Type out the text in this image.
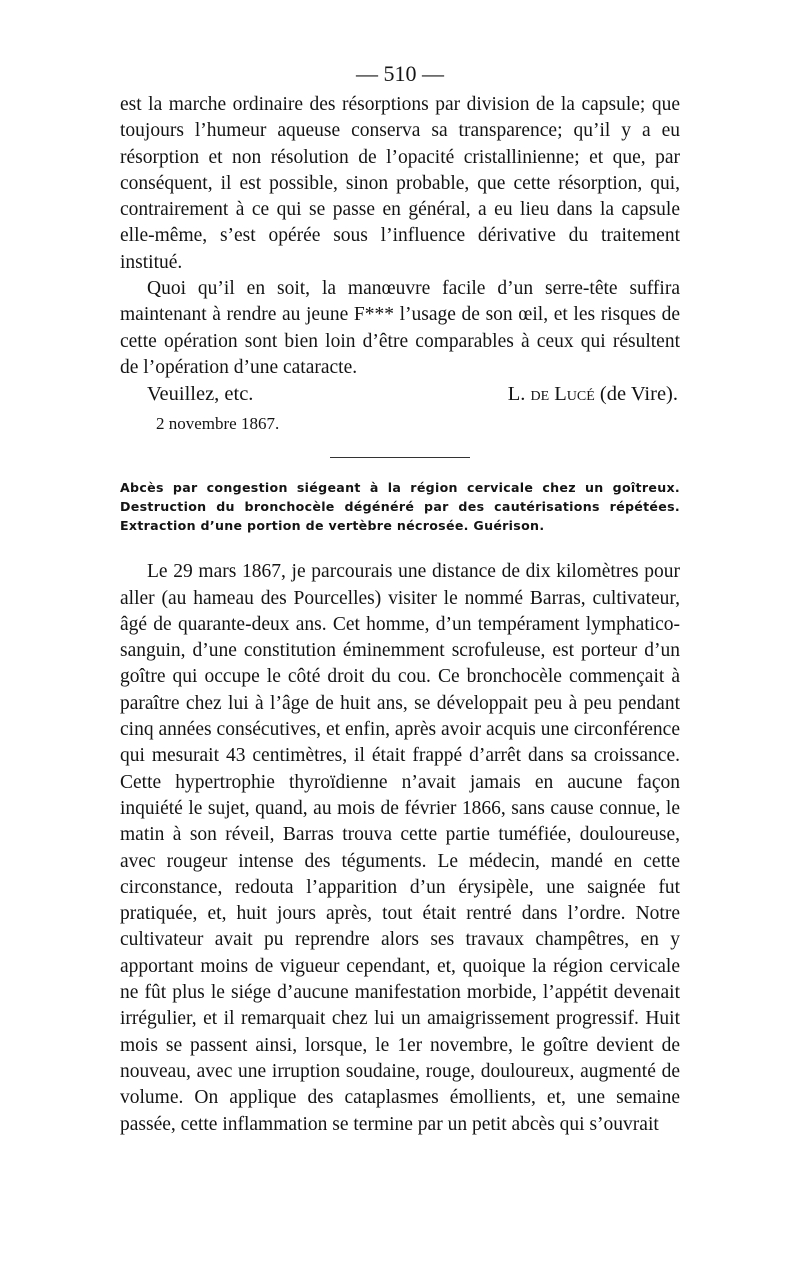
— 510 —

est la marche ordinaire des résorptions par division de la capsule; que toujours l’humeur aqueuse conserva sa transparence; qu’il y a eu résorption et non résolution de l’opacité cristallinienne; et que, par conséquent, il est possible, sinon probable, que cette résorption, qui, contrairement à ce qui se passe en général, a eu lieu dans la capsule elle-même, s’est opérée sous l’influence dérivative du traitement institué.

Quoi qu’il en soit, la manœuvre facile d’un serre-tête suffira maintenant à rendre au jeune F*** l’usage de son œil, et les risques de cette opération sont bien loin d’être comparables à ceux qui résultent de l’opération d’une cataracte.

Veuillez, etc.	L. de Lucé (de Vire).
2 novembre 1867.

Abcès par congestion siégeant à la région cervicale chez un goîtreux. Destruction du bronchocèle dégénéré par des cautérisations répétées. Extraction d’une portion de vertèbre nécrosée. Guérison.

Le 29 mars 1867, je parcourais une distance de dix kilomètres pour aller (au hameau des Pourcelles) visiter le nommé Barras, cultivateur, âgé de quarante-deux ans. Cet homme, d’un tempérament lymphatico-sanguin, d’une constitution éminemment scrofuleuse, est porteur d’un goître qui occupe le côté droit du cou. Ce bronchocèle commençait à paraître chez lui à l’âge de huit ans, se développait peu à peu pendant cinq années consécutives, et enfin, après avoir acquis une circonférence qui mesurait 43 centimètres, il était frappé d’arrêt dans sa croissance. Cette hypertrophie thyroïdienne n’avait jamais en aucune façon inquiété le sujet, quand, au mois de février 1866, sans cause connue, le matin à son réveil, Barras trouva cette partie tuméfiée, douloureuse, avec rougeur intense des téguments. Le médecin, mandé en cette circonstance, redouta l’apparition d’un érysipèle, une saignée fut pratiquée, et, huit jours après, tout était rentré dans l’ordre. Notre cultivateur avait pu reprendre alors ses travaux champêtres, en y apportant moins de vigueur cependant, et, quoique la région cervicale ne fût plus le siége d’aucune manifestation morbide, l’appétit devenait irrégulier, et il remarquait chez lui un amaigrissement progressif. Huit mois se passent ainsi, lorsque, le 1er novembre, le goître devient de nouveau, avec une irruption soudaine, rouge, douloureux, augmenté de volume. On applique des cataplasmes émollients, et, une semaine passée, cette inflammation se termine par un petit abcès qui s’ouvrait
